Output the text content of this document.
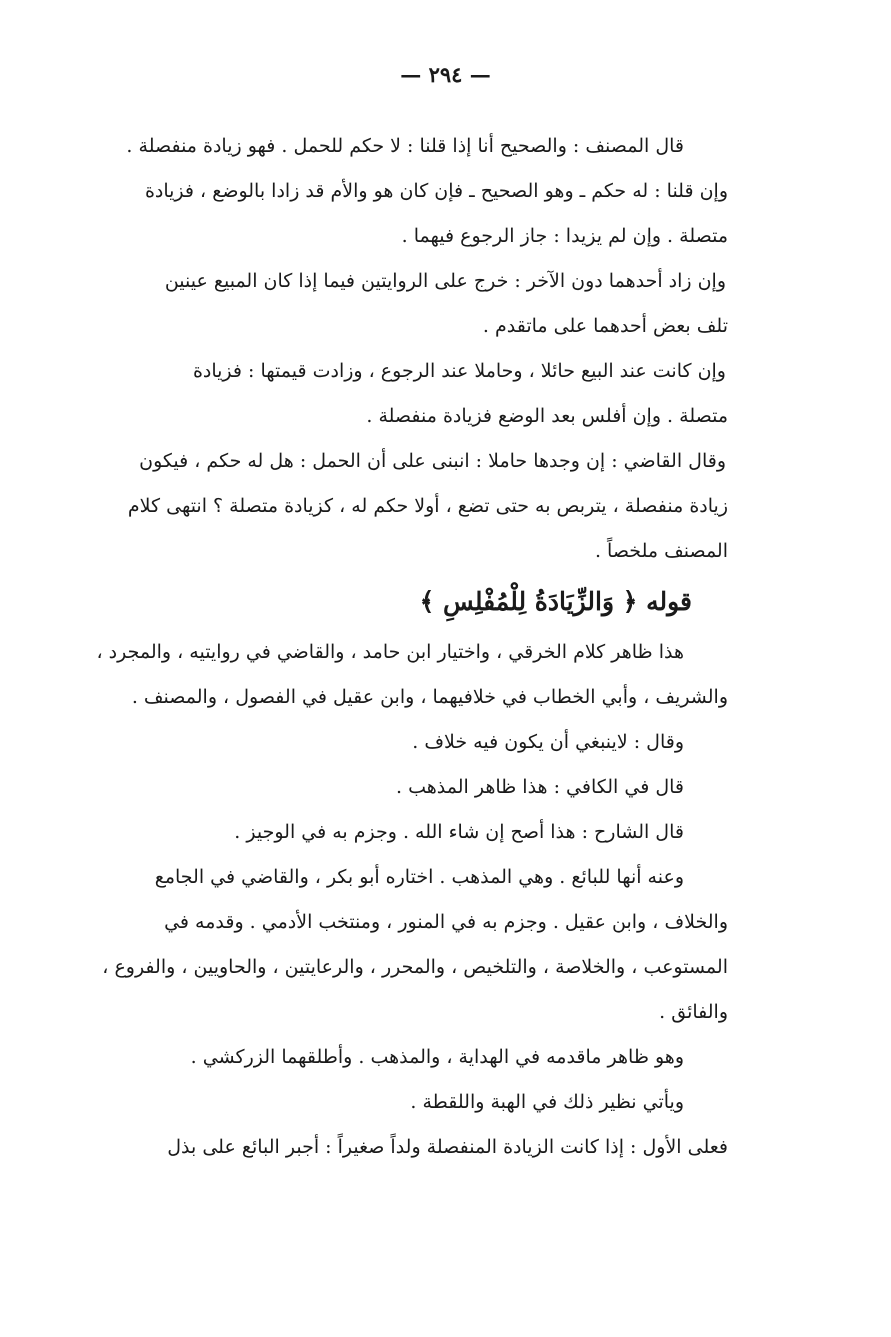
— ٢٩٤ —
قال المصنف : والصحيح أنا إذا قلنا : لا حكم للحمل . فهو زيادة منفصلة .
وإن قلنا : له حكم ـ وهو الصحيح ـ فإن كان هو والأم قد زادا بالوضع ، فزيادة
متصلة . وإن لم يزيدا : جاز الرجوع فيهما .
وإن زاد أحدهما دون الآخر : خرج على الروايتين فيما إذا كان المبيع عينين
تلف بعض أحدهما على ماتقدم .
وإن كانت عند البيع حائلا ، وحاملا عند الرجوع ، وزادت قيمتها : فزيادة
متصلة . وإن أفلس بعد الوضع فزيادة منفصلة .
وقال القاضي : إن وجدها حاملا : انبنى على أن الحمل : هل له حكم ، فيكون
زيادة منفصلة ، يتربص به حتى تضع ، أولا حكم له ، كزيادة متصلة ؟ انتهى كلام
المصنف ملخصاً .
قوله ﴿ وَالزِّيَادَةُ لِلْمُفْلِسِ ﴾
هذا ظاهر كلام الخرقي ، واختيار ابن حامد ، والقاضي في روايتيه ، والمجرد ،
والشريف ، وأبي الخطاب في خلافيهما ، وابن عقيل في الفصول ، والمصنف .
وقال : لاينبغي أن يكون فيه خلاف .
قال في الكافي : هذا ظاهر المذهب .
قال الشارح : هذا أصح إن شاء الله . وجزم به في الوجيز .
وعنه أنها للبائع . وهي المذهب . اختاره أبو بكر ، والقاضي في الجامع
والخلاف ، وابن عقيل . وجزم به في المنور ، ومنتخب الأدمي . وقدمه في
المستوعب ، والخلاصة ، والتلخيص ، والمحرر ، والرعايتين ، والحاويين ، والفروع ،
والفائق .
وهو ظاهر ماقدمه في الهداية ، والمذهب . وأطلقهما الزركشي .
ويأتي نظير ذلك في الهبة واللقطة .
فعلى الأول : إذا كانت الزيادة المنفصلة ولداً صغيراً : أجبر البائع على بذل
